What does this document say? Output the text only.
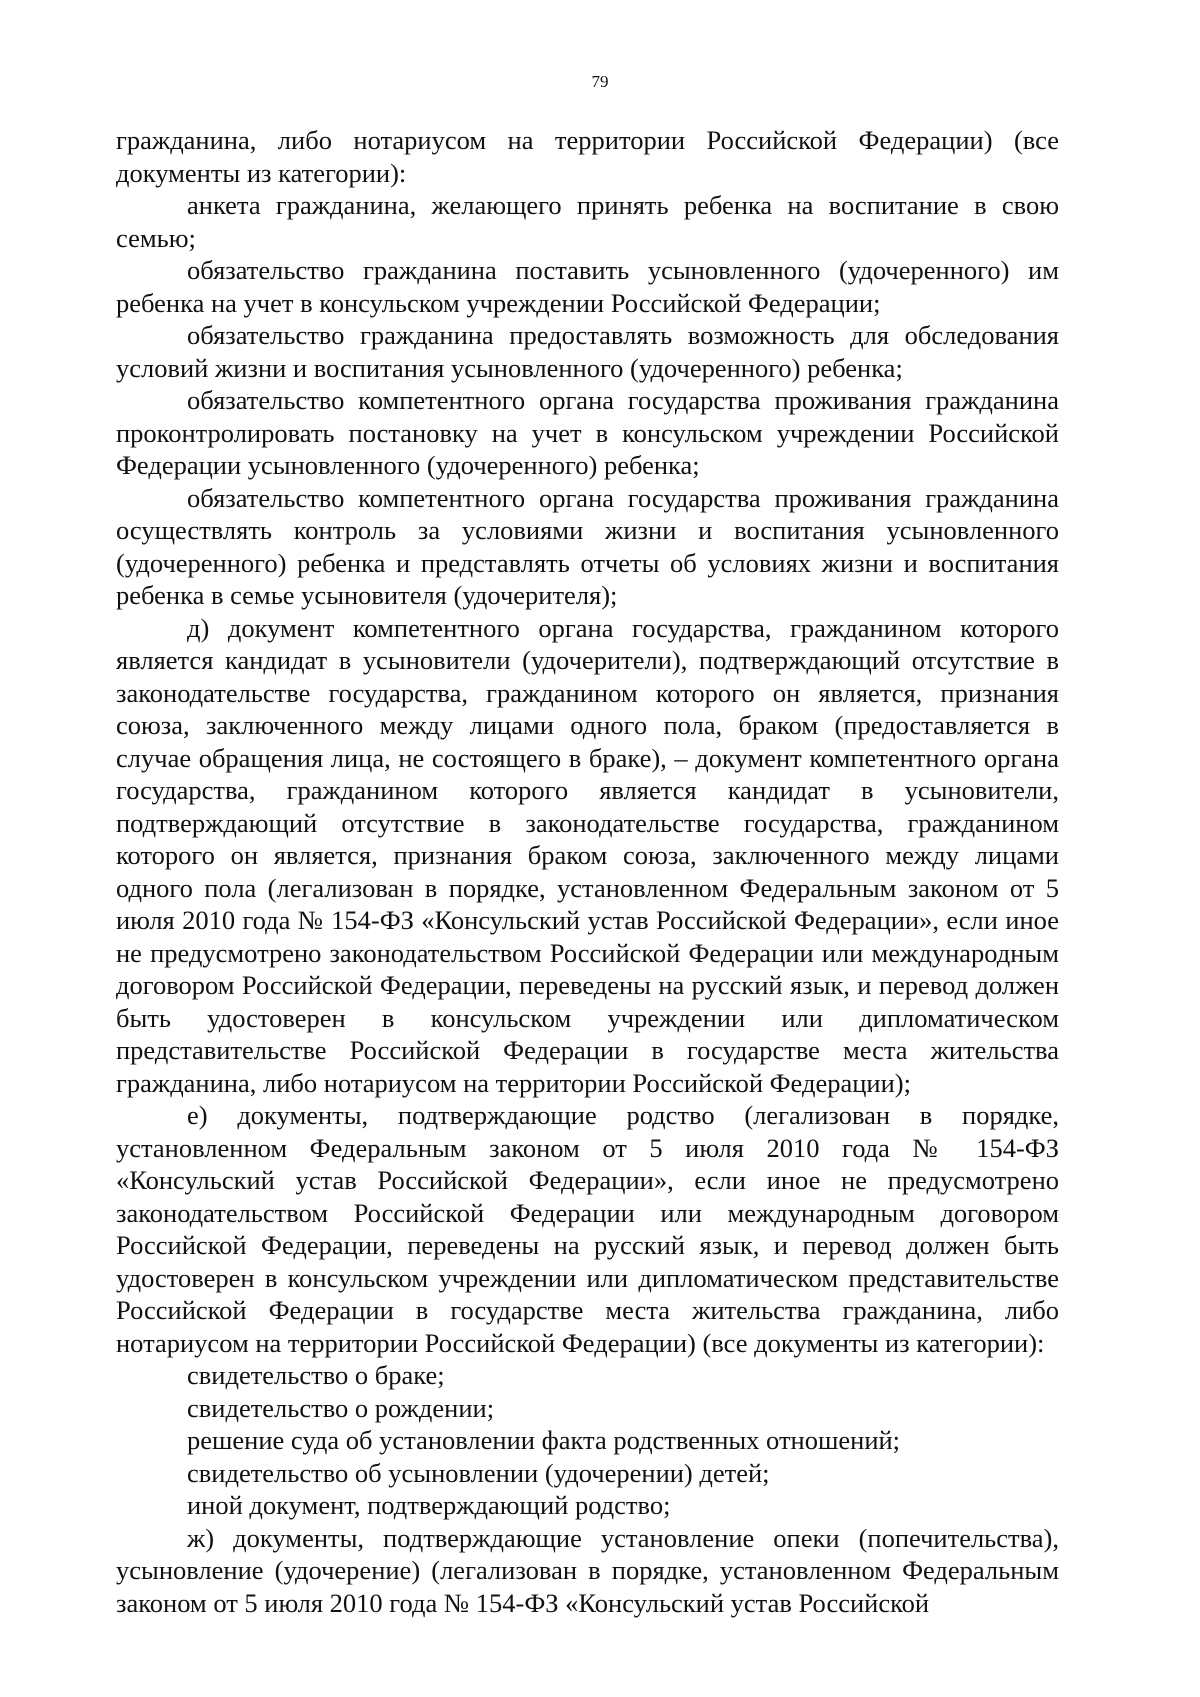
79

гражданина, либо нотариусом на территории Российской Федерации) (все документы из категории):

анкета гражданина, желающего принять ребенка на воспитание в свою семью;

обязательство гражданина поставить усыновленного (удочеренного) им ребенка на учет в консульском учреждении Российской Федерации;

обязательство гражданина предоставлять возможность для обследования условий жизни и воспитания усыновленного (удочеренного) ребенка;

обязательство компетентного органа государства проживания гражданина проконтролировать постановку на учет в консульском учреждении Российской Федерации усыновленного (удочеренного) ребенка;

обязательство компетентного органа государства проживания гражданина осуществлять контроль за условиями жизни и воспитания усыновленного (удочеренного) ребенка и представлять отчеты об условиях жизни и воспитания ребенка в семье усыновителя (удочерителя);

д) документ компетентного органа государства, гражданином которого является кандидат в усыновители (удочерители), подтверждающий отсутствие в законодательстве государства, гражданином которого он является, признания союза, заключенного между лицами одного пола, браком (предоставляется в случае обращения лица, не состоящего в браке), – документ компетентного органа государства, гражданином которого является кандидат в усыновители, подтверждающий отсутствие в законодательстве государства, гражданином которого он является, признания браком союза, заключенного между лицами одного пола (легализован в порядке, установленном Федеральным законом от 5 июля 2010 года № 154-ФЗ «Консульский устав Российской Федерации», если иное не предусмотрено законодательством Российской Федерации или международным договором Российской Федерации, переведены на русский язык, и перевод должен быть удостоверен в консульском учреждении или дипломатическом представительстве Российской Федерации в государстве места жительства гражданина, либо нотариусом на территории Российской Федерации);

е) документы, подтверждающие родство (легализован в порядке, установленном Федеральным законом от 5 июля 2010 года № 154-ФЗ «Консульский устав Российской Федерации», если иное не предусмотрено законодательством Российской Федерации или международным договором Российской Федерации, переведены на русский язык, и перевод должен быть удостоверен в консульском учреждении или дипломатическом представительстве Российской Федерации в государстве места жительства гражданина, либо нотариусом на территории Российской Федерации) (все документы из категории):

свидетельство о браке;

свидетельство о рождении;

решение суда об установлении факта родственных отношений;

свидетельство об усыновлении (удочерении) детей;

иной документ, подтверждающий родство;

ж) документы, подтверждающие установление опеки (попечительства), усыновление (удочерение) (легализован в порядке, установленном Федеральным законом от 5 июля 2010 года № 154-ФЗ «Консульский устав Российской
